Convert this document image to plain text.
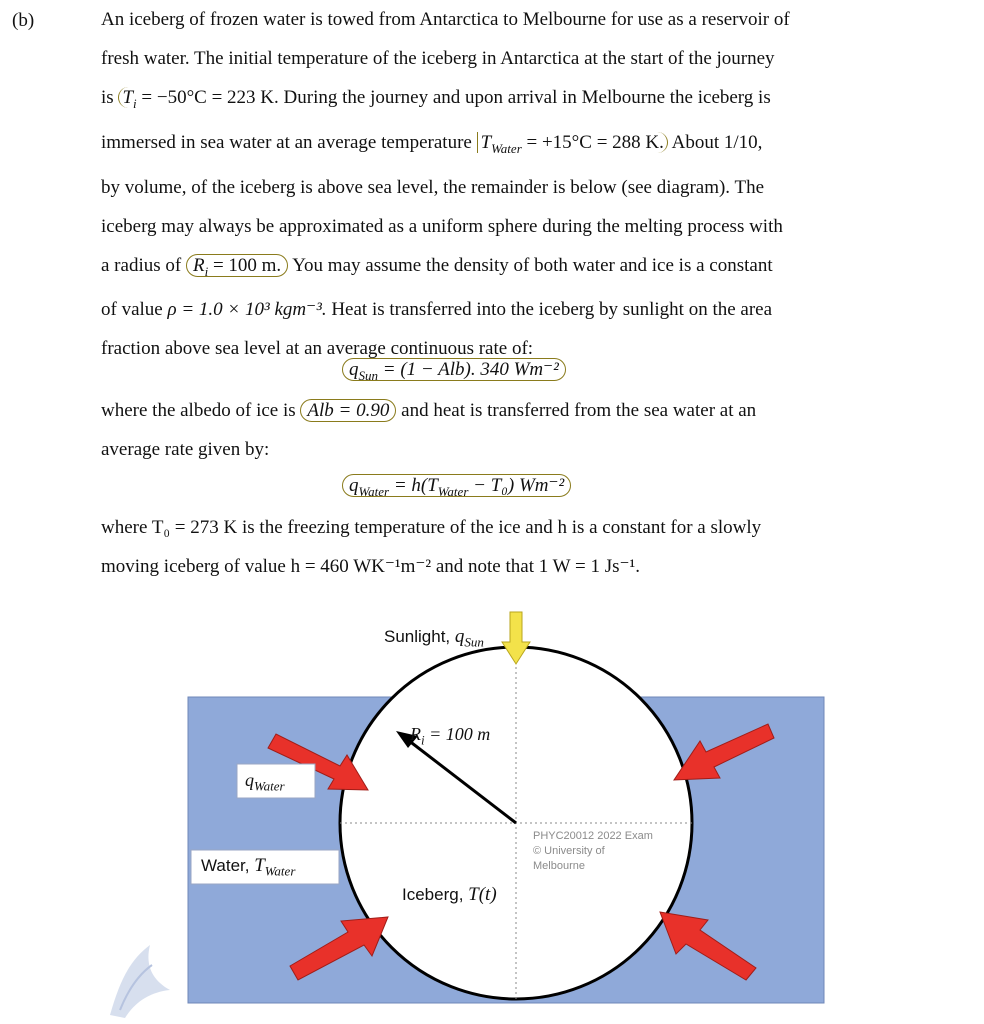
(b)	An iceberg of frozen water is towed from Antarctica to Melbourne for use as a reservoir of

fresh water. The initial temperature of the iceberg in Antarctica at the start of the journey

is $T_i = -50^\circ C = 223$ K. During the journey and upon arrival in Melbourne the iceberg is

immersed in sea water at an average temperature $T_{Water} = +15^\circ C = 288$ K. About 1/10,

by volume, of the iceberg is above sea level, the remainder is below (see diagram). The

iceberg may always be approximated as a uniform sphere during the melting process with

a radius of $R_i = 100$ m. You may assume the density of both water and ice is a constant

of value ρ = 1.0 × 10³ kgm⁻³. Heat is transferred into the iceberg by sunlight on the area

fraction above sea level at an average continuous rate of:

$q_{Sun} = (1 - Alb)$. 340 Wm⁻²

where the albedo of ice is Alb = 0.90 and heat is transferred from the sea water at an

average rate given by:

$q_{Water} = h(T_{Water} - T_0)$ Wm⁻²

where T₀ = 273 K is the freezing temperature of the ice and h is a constant for a slowly

moving iceberg of value h = 460 WK⁻¹m⁻² and note that 1 W = 1 Js⁻¹.

Sunlight, $q_{Sun}$
$R_i = 100$ m
$q_{Water}$
Water, $T_{Water}$
Iceberg, T(t)
PHYC20012 2022 Exam
© University of
Melbourne
